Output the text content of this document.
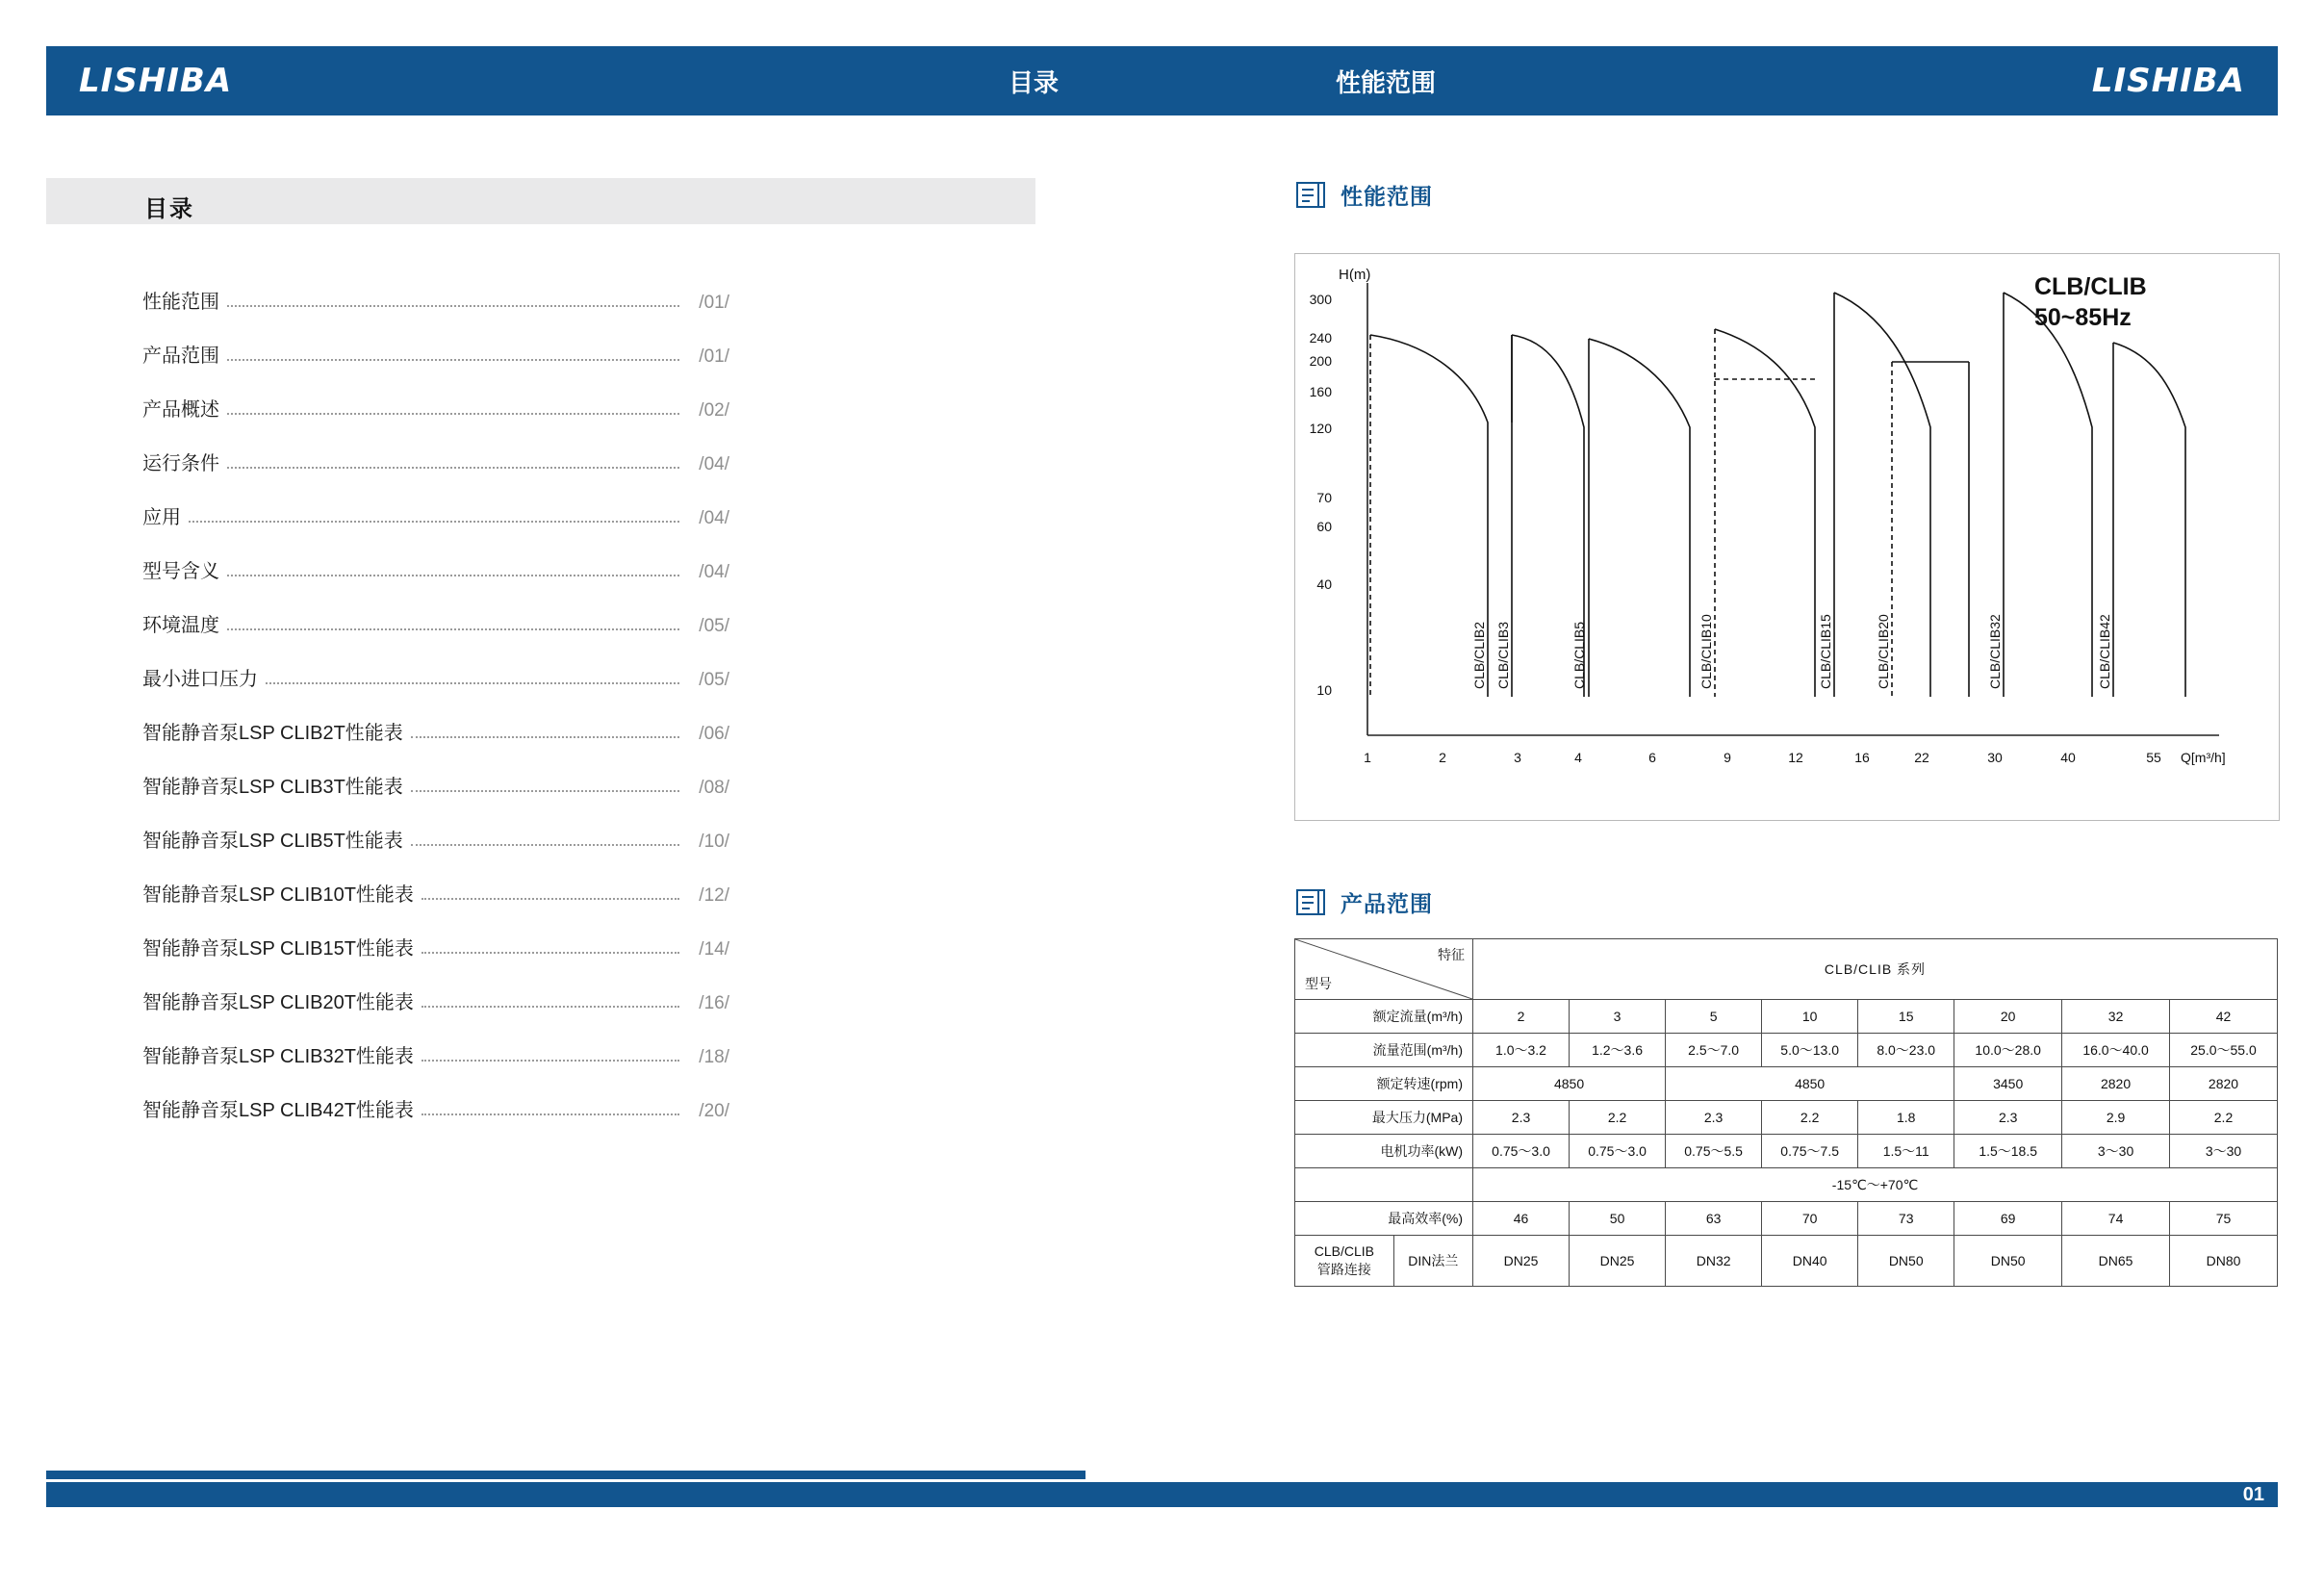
LISHIBA	目录	性能范围	LISHIBA
目录
性能范围	/01/
产品范围	/01/
产品概述	/02/
运行条件	/04/
应用	/04/
型号含义	/04/
环境温度	/05/
最小进口压力	/05/
智能静音泵LSP CLIB2T性能表	/06/
智能静音泵LSP CLIB3T性能表	/08/
智能静音泵LSP CLIB5T性能表	/10/
智能静音泵LSP CLIB10T性能表	/12/
智能静音泵LSP CLIB15T性能表	/14/
智能静音泵LSP CLIB20T性能表	/16/
智能静音泵LSP CLIB32T性能表	/18/
智能静音泵LSP CLIB42T性能表	/20/
性能范围
H(m)
300
240
200
160
120
70
60
40
10
1	2	3	4	6	9	12	16	22	30	40	55 Q[m³/h]
CLB/CLIB2 CLB/CLIB3	CLB/CLIB5	CLB/CLIB10	CLB/CLIB15	CLB/CLIB20	CLB/CLIB32	CLB/CLIB42
CLB/CLIB
50~85Hz
产品范围
特征
型号		CLB/CLIB 系列							
额定流量(m³/h)		2	3	5	10	15	20	32	42
流量范围(m³/h)		1.0～3.2	1.2～3.6	2.5～7.0	5.0～13.0	8.0～23.0	10.0～28.0	16.0～40.0	25.0～55.0
额定转速(rpm)		4850		4850			3450	2820	2820
最大压力(MPa)		2.3	2.2	2.3	2.2	1.8	2.3	2.9	2.2
电机功率(kW)		0.75～3.0	0.75～3.0	0.75～5.5	0.75～7.5	1.5～11	1.5～18.5	3～30	3～30
		-15℃～+70℃							
最高效率(%)		46	50	63	70	73	69	74	75
CLB/CLIB
管路连接	DIN法兰	DN25	DN25	DN32	DN40	DN50	DN50	DN65	DN80
01
